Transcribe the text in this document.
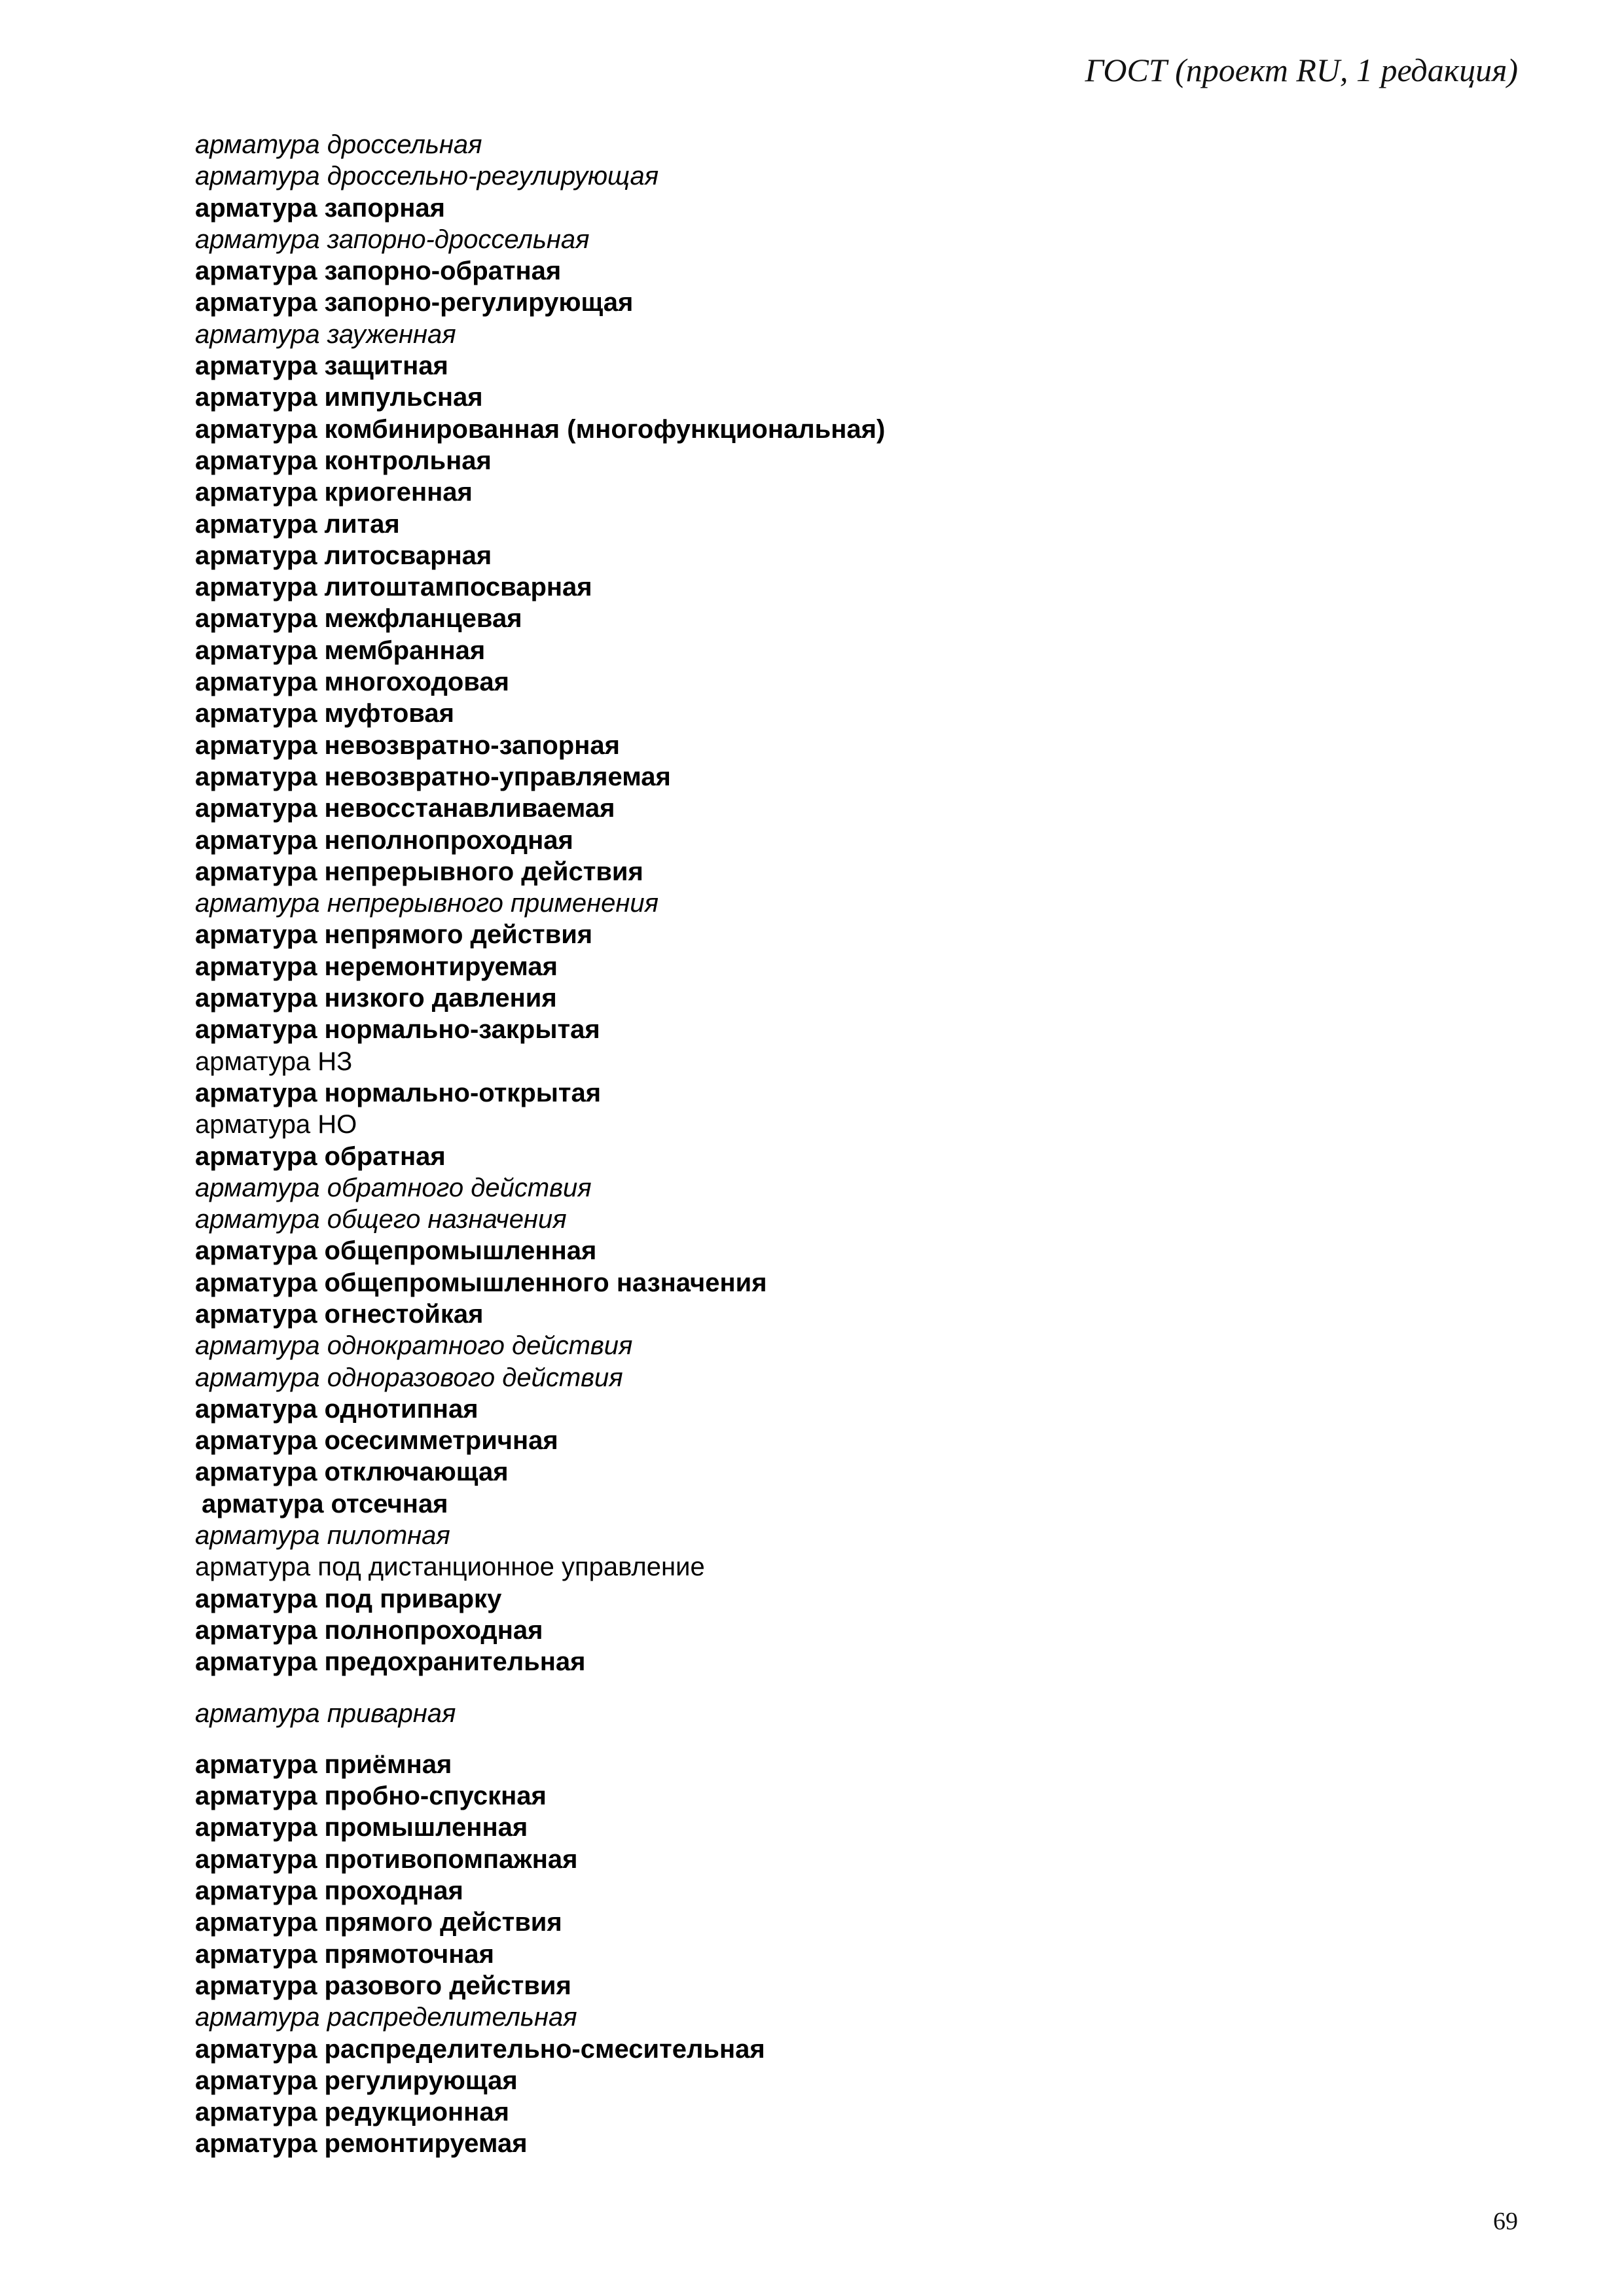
ГОСТ (проект RU, 1 редакция)
арматура дроссельная
арматура дроссельно-регулирующая
арматура запорная
арматура запорно-дроссельная
арматура запорно-обратная
арматура запорно-регулирующая
арматура зауженная
арматура защитная
арматура импульсная
арматура комбинированная (многофункциональная)
арматура контрольная
арматура криогенная
арматура литая
арматура литосварная
арматура литоштампосварная
арматура межфланцевая
арматура мембранная
арматура многоходовая
арматура муфтовая
арматура невозвратно-запорная
арматура невозвратно-управляемая
арматура невосстанавливаемая
арматура неполнопроходная
арматура непрерывного действия
арматура непрерывного применения
арматура непрямого действия
арматура неремонтируемая
арматура низкого давления
арматура нормально-закрытая
арматура НЗ
арматура нормально-открытая
арматура НО
арматура обратная
арматура обратного действия
арматура общего назначения
арматура общепромышленная
арматура общепромышленного назначения
арматура огнестойкая
арматура однократного действия
арматура одноразового действия
арматура однотипная
арматура осесимметричная
арматура отключающая
арматура отсечная
арматура пилотная
арматура под дистанционное управление
арматура под приварку
арматура полнопроходная
арматура предохранительная
арматура приварная
арматура приёмная
арматура пробно-спускная
арматура промышленная
арматура противопомпажная
арматура проходная
арматура прямого действия
арматура прямоточная
арматура разового действия
арматура распределительная
арматура распределительно-смесительная
арматура регулирующая
арматура редукционная
арматура ремонтируемая
69
